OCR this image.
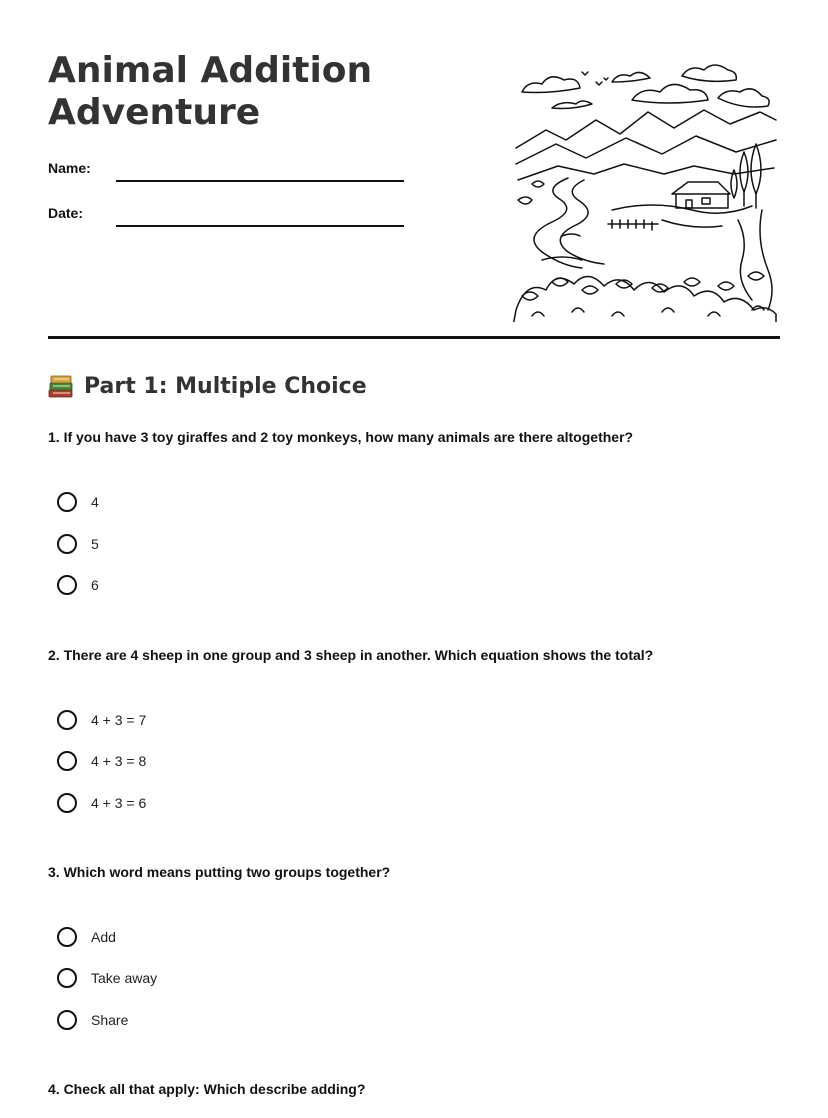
Animal Addition
Adventure
Name:
Date:
Part 1: Multiple Choice

1. If you have 3 toy giraffes and 2 toy monkeys, how many animals are there altogether?

4
5
6

2. There are 4 sheep in one group and 3 sheep in another. Which equation shows the total?

4 + 3 = 7
4 + 3 = 8
4 + 3 = 6

3. Which word means putting two groups together?

Add
Take away
Share

4. Check all that apply: Which describe adding?
